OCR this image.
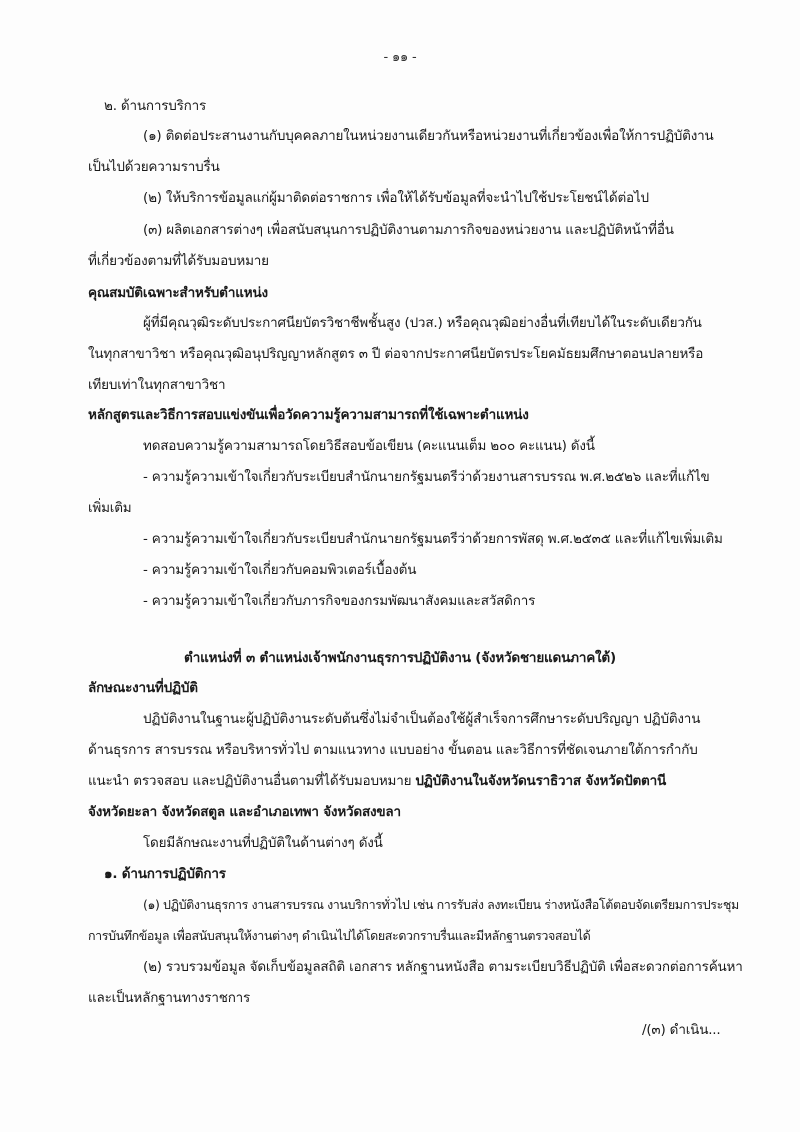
- ๑๑ -
๒. ด้านการบริการ
(๑) ติดต่อประสานงานกับบุคคลภายในหน่วยงานเดียวกันหรือหน่วยงานที่เกี่ยวข้องเพื่อให้การปฏิบัติงาน
เป็นไปด้วยความราบรื่น
(๒) ให้บริการข้อมูลแก่ผู้มาติดต่อราชการ เพื่อให้ได้รับข้อมูลที่จะนำไปใช้ประโยชน์ได้ต่อไป
(๓) ผลิตเอกสารต่างๆ เพื่อสนับสนุนการปฏิบัติงานตามภารกิจของหน่วยงาน และปฏิบัติหน้าที่อื่น
ที่เกี่ยวข้องตามที่ได้รับมอบหมาย
คุณสมบัติเฉพาะสำหรับตำแหน่ง
ผู้ที่มีคุณวุฒิระดับประกาศนียบัตรวิชาชีพชั้นสูง (ปวส.) หรือคุณวุฒิอย่างอื่นที่เทียบได้ในระดับเดียวกัน
ในทุกสาขาวิชา หรือคุณวุฒิอนุปริญญาหลักสูตร ๓ ปี ต่อจากประกาศนียบัตรประโยคมัธยมศึกษาตอนปลายหรือ
เทียบเท่าในทุกสาขาวิชา
หลักสูตรและวิธีการสอบแข่งขันเพื่อวัดความรู้ความสามารถที่ใช้เฉพาะตำแหน่ง
ทดสอบความรู้ความสามารถโดยวิธีสอบข้อเขียน (คะแนนเต็ม ๒๐๐ คะแนน) ดังนี้
- ความรู้ความเข้าใจเกี่ยวกับระเบียบสำนักนายกรัฐมนตรีว่าด้วยงานสารบรรณ พ.ศ.๒๕๒๖ และที่แก้ไข
เพิ่มเติม
- ความรู้ความเข้าใจเกี่ยวกับระเบียบสำนักนายกรัฐมนตรีว่าด้วยการพัสดุ พ.ศ.๒๕๓๕ และที่แก้ไขเพิ่มเติม
- ความรู้ความเข้าใจเกี่ยวกับคอมพิวเตอร์เบื้องต้น
- ความรู้ความเข้าใจเกี่ยวกับภารกิจของกรมพัฒนาสังคมและสวัสดิการ
ตำแหน่งที่ ๓ ตำแหน่งเจ้าพนักงานธุรการปฏิบัติงาน (จังหวัดชายแดนภาคใต้)
ลักษณะงานที่ปฏิบัติ
ปฏิบัติงานในฐานะผู้ปฏิบัติงานระดับต้นซึ่งไม่จำเป็นต้องใช้ผู้สำเร็จการศึกษาระดับปริญญา ปฏิบัติงาน
ด้านธุรการ สารบรรณ หรือบริหารทั่วไป ตามแนวทาง แบบอย่าง ขั้นตอน และวิธีการที่ชัดเจนภายใต้การกำกับ
แนะนำ ตรวจสอบ และปฏิบัติงานอื่นตามที่ได้รับมอบหมาย ปฏิบัติงานในจังหวัดนราธิวาส จังหวัดปัตตานี
จังหวัดยะลา จังหวัดสตูล และอำเภอเทพา จังหวัดสงขลา
โดยมีลักษณะงานที่ปฏิบัติในด้านต่างๆ ดังนี้
๑. ด้านการปฏิบัติการ
(๑) ปฏิบัติงานธุรการ งานสารบรรณ งานบริการทั่วไป เช่น การรับส่ง ลงทะเบียน ร่างหนังสือโต้ตอบจัดเตรียมการประชุม
การบันทึกข้อมูล เพื่อสนับสนุนให้งานต่างๆ ดำเนินไปได้โดยสะดวกราบรื่นและมีหลักฐานตรวจสอบได้
(๒) รวบรวมข้อมูล จัดเก็บข้อมูลสถิติ เอกสาร หลักฐานหนังสือ ตามระเบียบวิธีปฏิบัติ เพื่อสะดวกต่อการค้นหา
และเป็นหลักฐานทางราชการ
/(๓) ดำเนิน...
